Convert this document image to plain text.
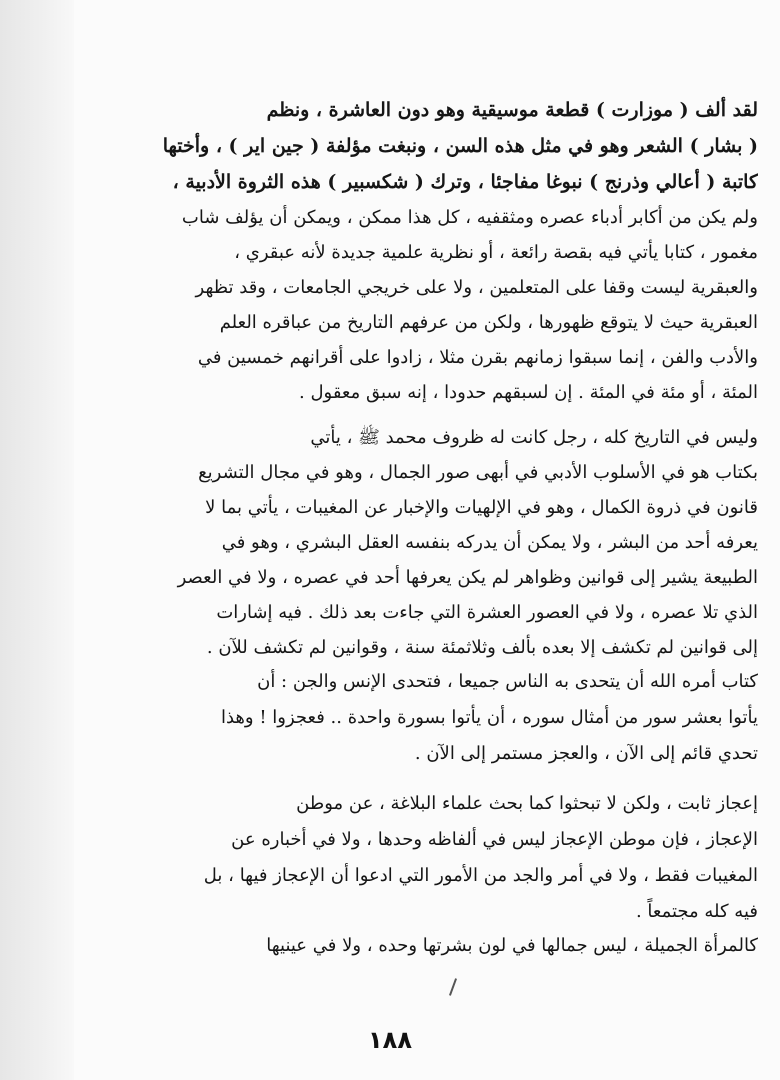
لقد ألف ( موزارت ) قطعة موسيقية وهو دون العاشرة ، ونظم
( بشار ) الشعر وهو في مثل هذه السن ، ونبغت مؤلفة ( جين اير ) ، وأختها
كاتبة ( أعالي وذرنج ) نبوغا مفاجئا ، وترك ( شكسبير ) هذه الثروة الأدبية ،
ولم يكن من أكابر أدباء عصره ومثقفيه ، كل هذا ممكن ، ويمكن أن يؤلف شاب
مغمور ، كتابا يأتي فيه بقصة رائعة ، أو نظرية علمية جديدة لأنه عبقري ،
والعبقرية ليست وقفا على المتعلمين ، ولا على خريجي الجامعات ، وقد تظهر
العبقرية حيث لا يتوقع ظهورها ، ولكن من عرفهم التاريخ من عباقره العلم
والأدب والفن ، إنما سبقوا زمانهم بقرن مثلا ، زادوا على أقرانهم خمسين في
المئة ، أو مئة في المئة . إن لسبقهم حدودا ، إنه سبق معقول .
وليس في التاريخ كله ، رجل كانت له ظروف محمد ﷺ ، يأتي
بكتاب هو في الأسلوب الأدبي في أبهى صور الجمال ، وهو في مجال التشريع
قانون في ذروة الكمال ، وهو في الإلهيات والإخبار عن المغيبات ، يأتي بما لا
يعرفه أحد من البشر ، ولا يمكن أن يدركه بنفسه العقل البشري ، وهو في
الطبيعة يشير إلى قوانين وظواهر لم يكن يعرفها أحد في عصره ، ولا في العصر
الذي تلا عصره ، ولا في العصور العشرة التي جاءت بعد ذلك . فيه إشارات
إلى قوانين لم تكشف إلا بعده بألف وثلاثمئة سنة ، وقوانين لم تكشف للآن .
كتاب أمره الله أن يتحدى به الناس جميعا ، فتحدى الإنس والجن : أن
يأتوا بعشر سور من أمثال سوره ، أن يأتوا بسورة واحدة .. فعجزوا ! وهذا
تحدي قائم إلى الآن ، والعجز مستمر إلى الآن .
إعجاز ثابت ، ولكن لا تبحثوا كما بحث علماء البلاغة ، عن موطن
الإعجاز ، فإن موطن الإعجاز ليس في ألفاظه وحدها ، ولا في أخباره عن
المغيبات فقط ، ولا في أمر والجد من الأمور التي ادعوا أن الإعجاز فيها ، بل
فيه كله مجتمعاً .
كالمرأة الجميلة ، ليس جمالها في لون بشرتها وحده ، ولا في عينيها
١٨٨
